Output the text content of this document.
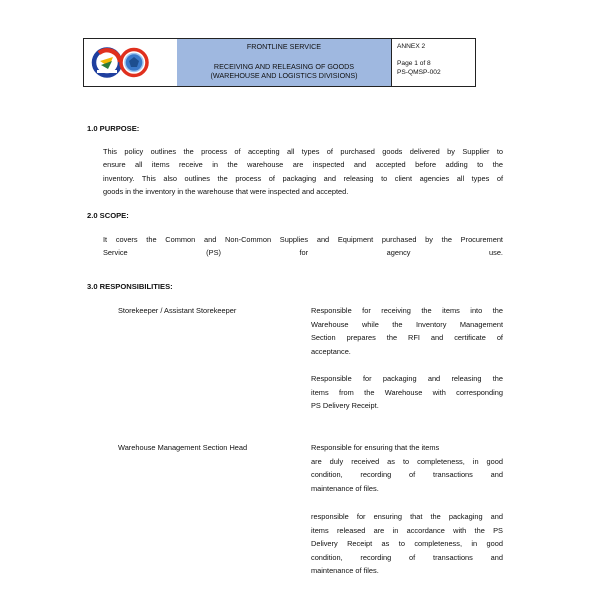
FRONTLINE SERVICE
RECEIVING AND RELEASING OF GOODS
(WAREHOUSE AND LOGISTICS DIVISIONS)
ANNEX 2
Page 1 of 8
PS-QMSP-002
1.0 PURPOSE:
This policy outlines the process of accepting all types of purchased goods delivered by Supplier to
ensure all items receive in the warehouse are inspected and accepted before adding to the
inventory. This also outlines the process of packaging and releasing to client agencies all types of
goods in the inventory in the warehouse that were inspected and accepted.
2.0 SCOPE:
It covers the Common and Non-Common Supplies and Equipment purchased by the Procurement
Service (PS) for agency use.
3.0 RESPONSIBILITIES:
Storekeeper / Assistant Storekeeper	Responsible for receiving the items into the
Warehouse while the Inventory Management
Section prepares the RFI and certificate of
acceptance.
Responsible for packaging and releasing the
items from the Warehouse with corresponding
PS Delivery Receipt.
Warehouse Management Section Head	Responsible for ensuring that the items
are duly received as to completeness, in good
condition, recording of transactions and
maintenance of files.
responsible for ensuring that the packaging and
items released are in accordance with the PS
Delivery Receipt as to completeness, in good
condition, recording of transactions and
maintenance of files.
